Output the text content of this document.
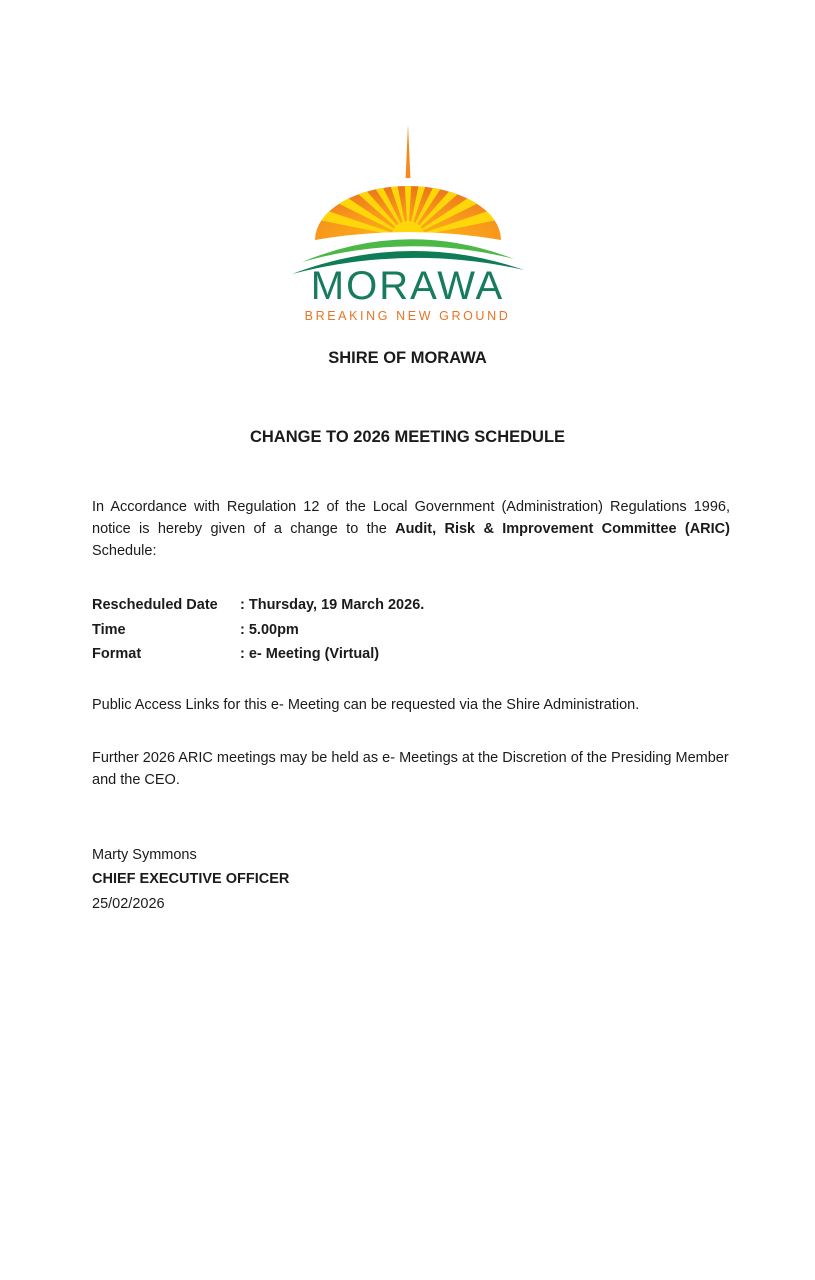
MORAWA
BREAKING NEW GROUND
SHIRE OF MORAWA
CHANGE TO 2026 MEETING SCHEDULE

In Accordance with Regulation 12 of the Local Government (Administration) Regulations 1996, notice is hereby given of a change to the Audit, Risk & Improvement Committee (ARIC) Schedule:

Rescheduled Date	: Thursday, 19 March 2026.
Time	: 5.00pm
Format	: e- Meeting (Virtual)

Public Access Links for this e- Meeting can be requested via the Shire Administration.

Further 2026 ARIC meetings may be held as e- Meetings at the Discretion of the Presiding Member and the CEO.

Marty Symmons
CHIEF EXECUTIVE OFFICER
25/02/2026
